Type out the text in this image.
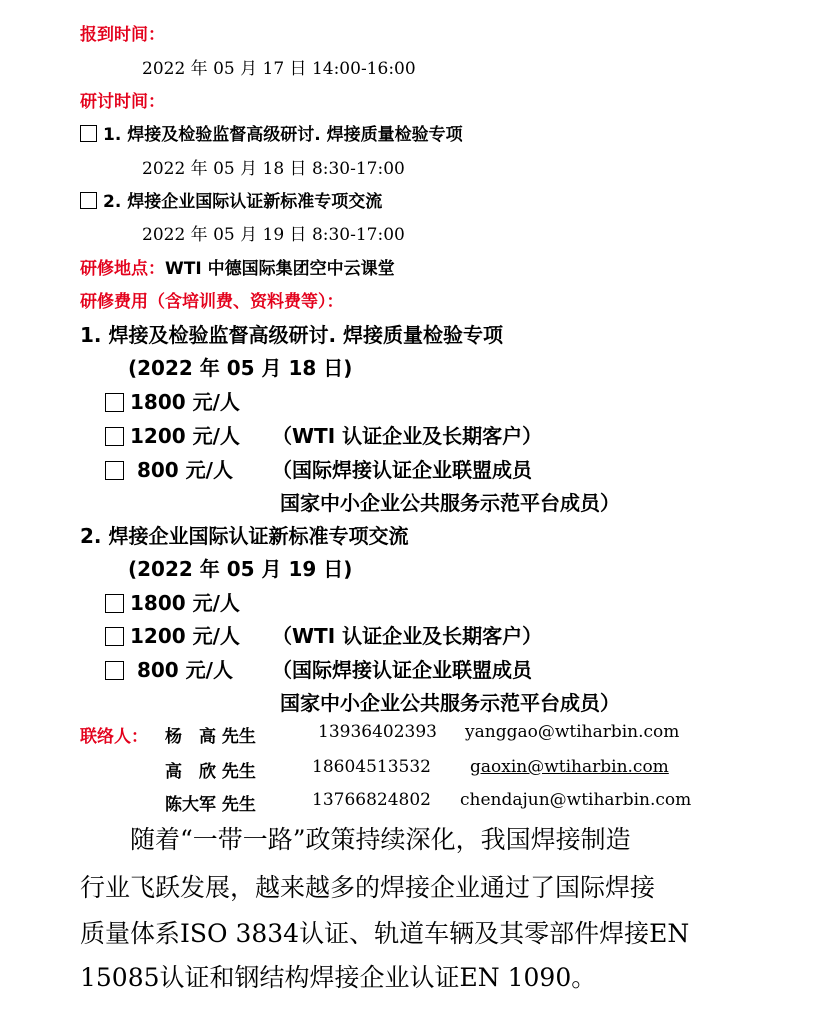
报到时间：
2022 年 05 月 17 日 14:00-16:00
研讨时间：
1. 焊接及检验监督高级研讨. 焊接质量检验专项
2022 年 05 月 18 日 8:30-17:00
2. 焊接企业国际认证新标准专项交流
2022 年 05 月 19 日 8:30-17:00
研修地点：WTI 中德国际集团空中云课堂
研修费用（含培训费、资料费等）：
1. 焊接及检验监督高级研讨. 焊接质量检验专项
(2022 年 05 月 18 日)
1800 元/人
1200 元/人 （WTI 认证企业及长期客户）
800 元/人 （国际焊接认证企业联盟成员
国家中小企业公共服务示范平台成员）
2. 焊接企业国际认证新标准专项交流
(2022 年 05 月 19 日)
1800 元/人
1200 元/人 （WTI 认证企业及长期客户）
800 元/人 （国际焊接认证企业联盟成员
国家中小企业公共服务示范平台成员）
联络人： 杨　高 先生	13936402393 yanggao@wtiharbin.com
高　欣 先生	18604513532 gaoxin@wtiharbin.com
陈大军 先生	13766824802 chendajun@wtiharbin.com
随着“一带一路”政策持续深化，我国焊接制造
行业飞跃发展，越来越多的焊接企业通过了国际焊接
质量体系ISO 3834认证、轨道车辆及其零部件焊接EN
15085认证和钢结构焊接企业认证EN 1090。
